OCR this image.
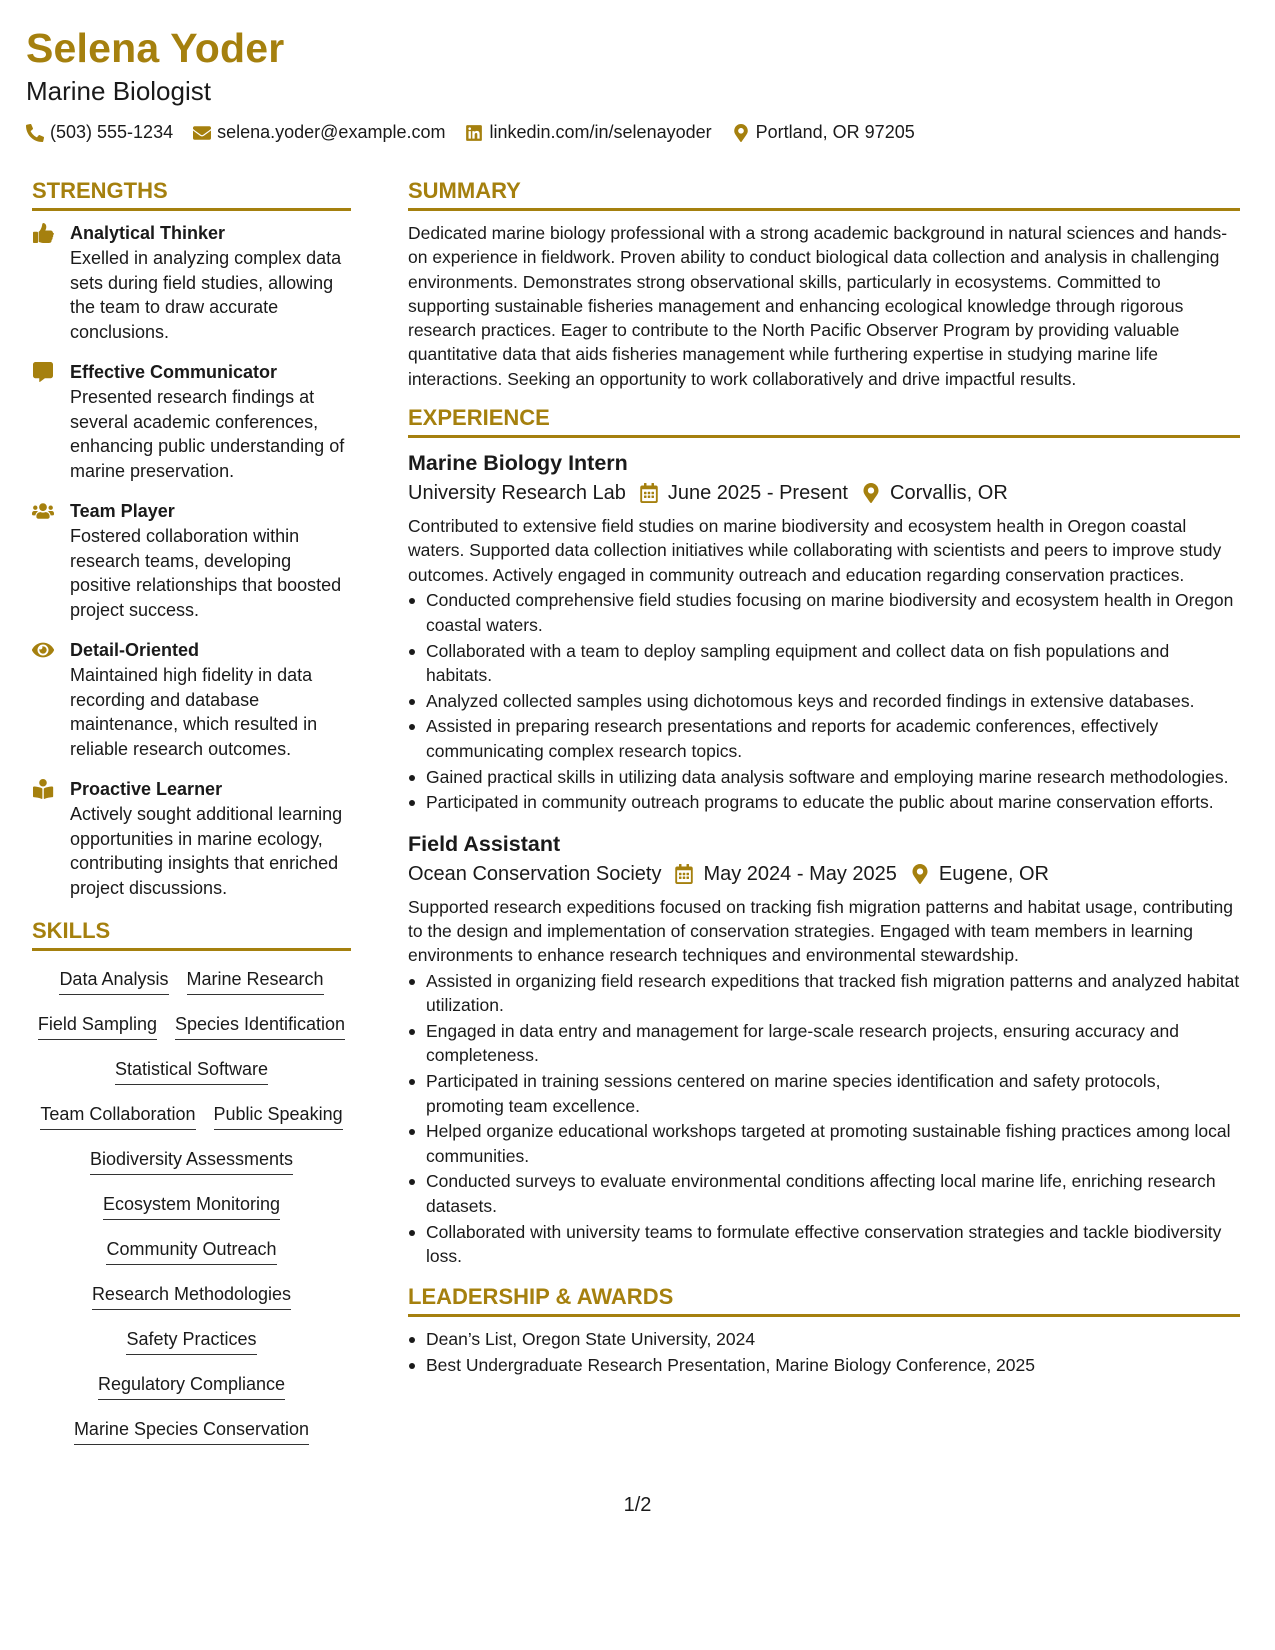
Selena Yoder
Marine Biologist
(503) 555-1234 selena.yoder@example.com linkedin.com/in/selenayoder Portland, OR 97205
STRENGTHS
Analytical Thinker
Exelled in analyzing complex data sets during field studies, allowing the team to draw accurate conclusions.
Effective Communicator
Presented research findings at several academic conferences, enhancing public understanding of marine preservation.
Team Player
Fostered collaboration within research teams, developing positive relationships that boosted project success.
Detail-Oriented
Maintained high fidelity in data recording and database maintenance, which resulted in reliable research outcomes.
Proactive Learner
Actively sought additional learning opportunities in marine ecology, contributing insights that enriched project discussions.
SKILLS
Data Analysis Marine Research
Field Sampling Species Identification
Statistical Software
Team Collaboration Public Speaking
Biodiversity Assessments
Ecosystem Monitoring
Community Outreach
Research Methodologies
Safety Practices
Regulatory Compliance
Marine Species Conservation
SUMMARY
Dedicated marine biology professional with a strong academic background in natural sciences and hands-on experience in fieldwork. Proven ability to conduct biological data collection and analysis in challenging environments. Demonstrates strong observational skills, particularly in ecosystems. Committed to supporting sustainable fisheries management and enhancing ecological knowledge through rigorous research practices. Eager to contribute to the North Pacific Observer Program by providing valuable quantitative data that aids fisheries management while furthering expertise in studying marine life interactions. Seeking an opportunity to work collaboratively and drive impactful results.
EXPERIENCE
Marine Biology Intern
University Research Lab June 2025 - Present Corvallis, OR
Contributed to extensive field studies on marine biodiversity and ecosystem health in Oregon coastal waters. Supported data collection initiatives while collaborating with scientists and peers to improve study outcomes. Actively engaged in community outreach and education regarding conservation practices.
Conducted comprehensive field studies focusing on marine biodiversity and ecosystem health in Oregon coastal waters.
Collaborated with a team to deploy sampling equipment and collect data on fish populations and habitats.
Analyzed collected samples using dichotomous keys and recorded findings in extensive databases.
Assisted in preparing research presentations and reports for academic conferences, effectively communicating complex research topics.
Gained practical skills in utilizing data analysis software and employing marine research methodologies.
Participated in community outreach programs to educate the public about marine conservation efforts.
Field Assistant
Ocean Conservation Society May 2024 - May 2025 Eugene, OR
Supported research expeditions focused on tracking fish migration patterns and habitat usage, contributing to the design and implementation of conservation strategies. Engaged with team members in learning environments to enhance research techniques and environmental stewardship.
Assisted in organizing field research expeditions that tracked fish migration patterns and analyzed habitat utilization.
Engaged in data entry and management for large-scale research projects, ensuring accuracy and completeness.
Participated in training sessions centered on marine species identification and safety protocols, promoting team excellence.
Helped organize educational workshops targeted at promoting sustainable fishing practices among local communities.
Conducted surveys to evaluate environmental conditions affecting local marine life, enriching research datasets.
Collaborated with university teams to formulate effective conservation strategies and tackle biodiversity loss.
LEADERSHIP & AWARDS
Dean’s List, Oregon State University, 2024
Best Undergraduate Research Presentation, Marine Biology Conference, 2025
1/2
